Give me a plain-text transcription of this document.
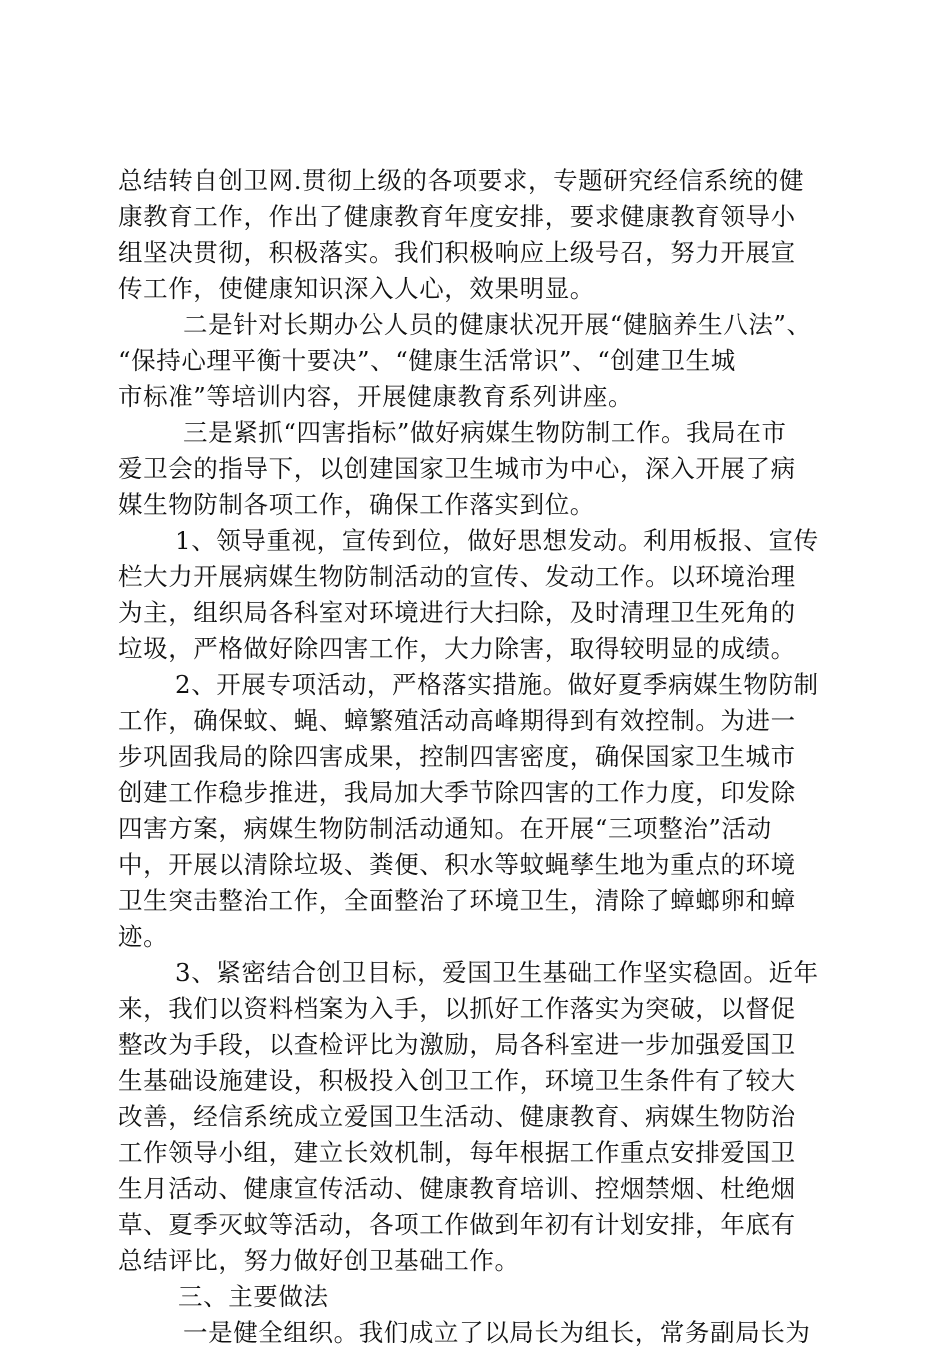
总结转自创卫网.贯彻上级的各项要求，专题研究经信系统的健
康教育工作，作出了健康教育年度安排，要求健康教育领导小
组坚决贯彻，积极落实。我们积极响应上级号召，努力开展宣
传工作，使健康知识深入人心，效果明显。
二是针对长期办公人员的健康状况开展“健脑养生八法”、
“保持心理平衡十要决”、“健康生活常识”、“创建卫生城
市标准”等培训内容，开展健康教育系列讲座。
三是紧抓“四害指标”做好病媒生物防制工作。我局在市
爱卫会的指导下，以创建国家卫生城市为中心，深入开展了病
媒生物防制各项工作，确保工作落实到位。
1、领导重视，宣传到位，做好思想发动。利用板报、宣传
栏大力开展病媒生物防制活动的宣传、发动工作。以环境治理
为主，组织局各科室对环境进行大扫除，及时清理卫生死角的
垃圾，严格做好除四害工作，大力除害，取得较明显的成绩。
2、开展专项活动，严格落实措施。做好夏季病媒生物防制
工作，确保蚊、蝇、蟑繁殖活动高峰期得到有效控制。为进一
步巩固我局的除四害成果，控制四害密度，确保国家卫生城市
创建工作稳步推进，我局加大季节除四害的工作力度，印发除
四害方案，病媒生物防制活动通知。在开展“三项整治”活动
中，开展以清除垃圾、粪便、积水等蚊蝇孳生地为重点的环境
卫生突击整治工作，全面整治了环境卫生，清除了蟑螂卵和蟑
迹。
3、紧密结合创卫目标，爱国卫生基础工作坚实稳固。近年
来，我们以资料档案为入手，以抓好工作落实为突破，以督促
整改为手段，以查检评比为激励，局各科室进一步加强爱国卫
生基础设施建设，积极投入创卫工作，环境卫生条件有了较大
改善，经信系统成立爱国卫生活动、健康教育、病媒生物防治
工作领导小组，建立长效机制，每年根据工作重点安排爱国卫
生月活动、健康宣传活动、健康教育培训、控烟禁烟、杜绝烟
草、夏季灭蚊等活动，各项工作做到年初有计划安排，年底有
总结评比，努力做好创卫基础工作。
三、主要做法
一是健全组织。我们成立了以局长为组长，常务副局长为
